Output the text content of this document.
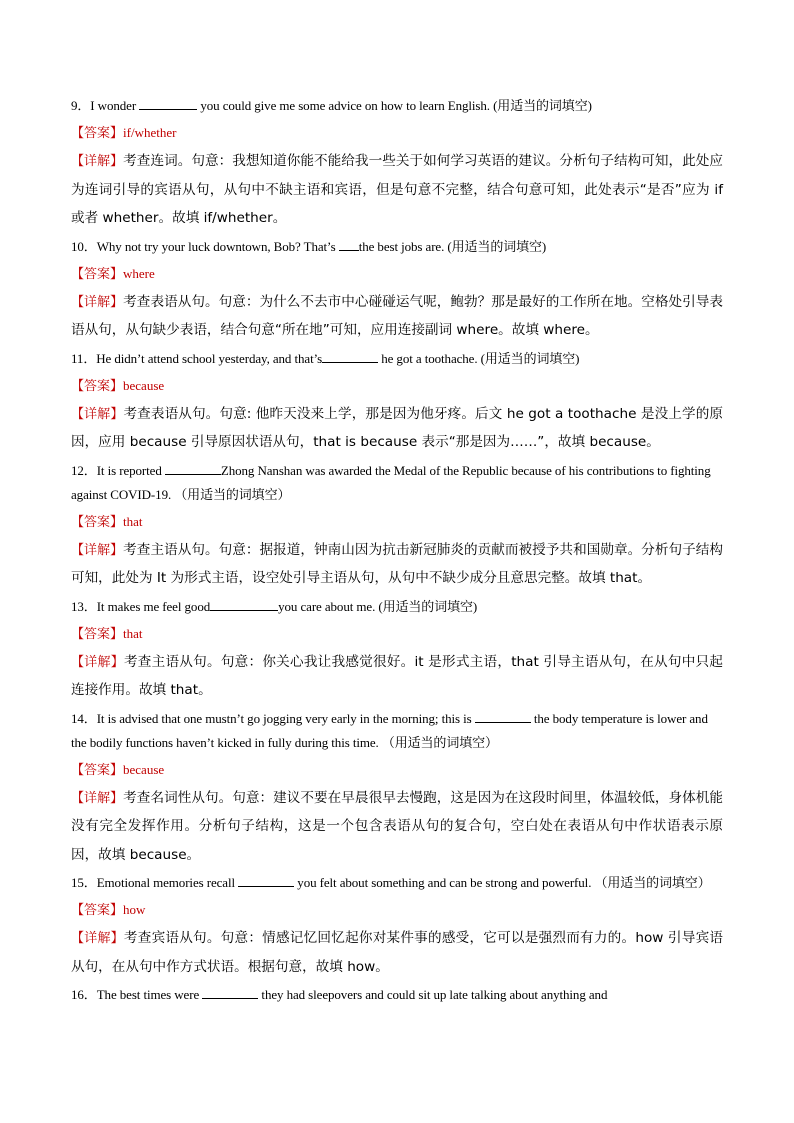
9．I wonder	you could give me some advice on how to learn English. (用适当的词填空)
【答案】if/whether
【详解】考查连词。句意：我想知道你能不能给我一些关于如何学习英语的建议。分析句子结构可知，此处应为连词引导的宾语从句，从句中不缺主语和宾语，但是句意不完整，结合句意可知，此处表示“是否”应为 if 或者 whether。故填 if/whether。
10．Why not try your luck downtown, Bob? That’s the best jobs are. (用适当的词填空)
【答案】where
【详解】考查表语从句。句意：为什么不去市中心碰碰运气呢，鲍勃？那是最好的工作所在地。空格处引导表语从句，从句缺少表语，结合句意“所在地”可知，应用连接副词 where。故填 where。
11．He didn’t attend school yesterday, and that’s	he got a toothache. (用适当的词填空)
【答案】because
【详解】考查表语从句。句意: 他昨天没来上学，那是因为他牙疼。后文 he got a toothache 是没上学的原因，应用 because 引导原因状语从句，that is because 表示“那是因为……”，故填 because。
12．It is reported	Zhong Nanshan was awarded the Medal of the Republic because of his contributions to fighting against COVID-19. （用适当的词填空）
【答案】that
【详解】考查主语从句。句意：据报道，钟南山因为抗击新冠肺炎的贡献而被授予共和国勋章。分析句子结构可知，此处为 It 为形式主语，设空处引导主语从句，从句中不缺少成分且意思完整。故填 that。
13．It makes me feel good	you care about me. (用适当的词填空)
【答案】that
【详解】考查主语从句。句意：你关心我让我感觉很好。it 是形式主语，that 引导主语从句，在从句中只起连接作用。故填 that。
14．It is advised that one mustn’t go jogging very early in the morning; this is	the body temperature is lower and the bodily functions haven’t kicked in fully during this time. （用适当的词填空）
【答案】because
【详解】考查名词性从句。句意：建议不要在早晨很早去慢跑，这是因为在这段时间里，体温较低，身体机能没有完全发挥作用。分析句子结构，这是一个包含表语从句的复合句，空白处在表语从句中作状语表示原因，故填 because。
15．Emotional memories recall	you felt about something and can be strong and powerful. （用适当的词填空）
【答案】how
【详解】考查宾语从句。句意：情感记忆回忆起你对某件事的感受，它可以是强烈而有力的。how 引导宾语从句，在从句中作方式状语。根据句意，故填 how。
16．The best times were	they had sleepovers and could sit up late talking about anything and
